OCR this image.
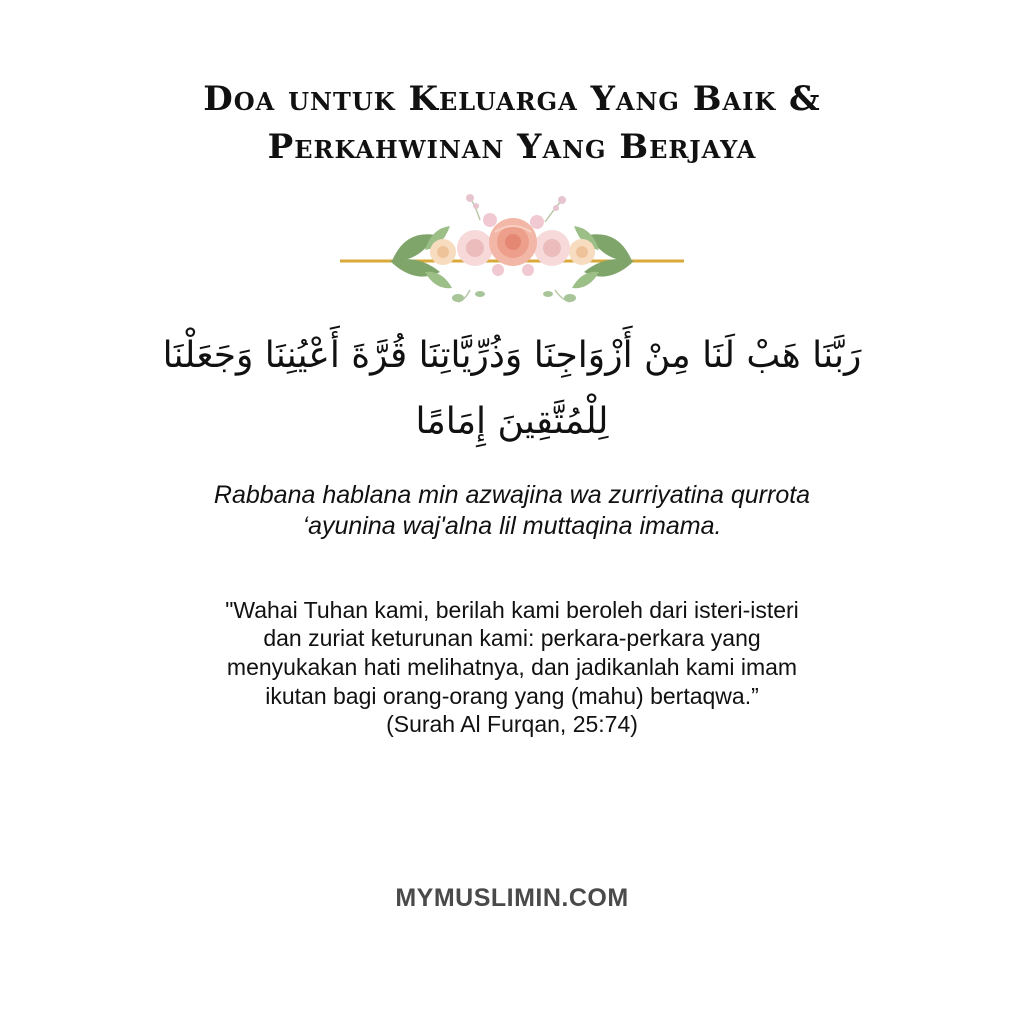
Doa untuk Keluarga Yang Baik &
Perkahwinan Yang Berjaya
رَبَّنَا هَبْ لَنَا مِنْ أَزْوَاجِنَا وَذُرِّيَّاتِنَا قُرَّةَ أَعْيُنِنَا وَجَعَلْنَا
لِلْمُتَّقِينَ إِمَامًا
Rabbana hablana min azwajina wa zurriyatina qurrota
‘ayunina waj'alna lil muttaqina imama.
"Wahai Tuhan kami, berilah kami beroleh dari isteri-isteri
dan zuriat keturunan kami: perkara-perkara yang
menyukakan hati melihatnya, dan jadikanlah kami imam
ikutan bagi orang-orang yang (mahu) bertaqwa.”
(Surah Al Furqan, 25:74)
MYMUSLIMIN.COM
